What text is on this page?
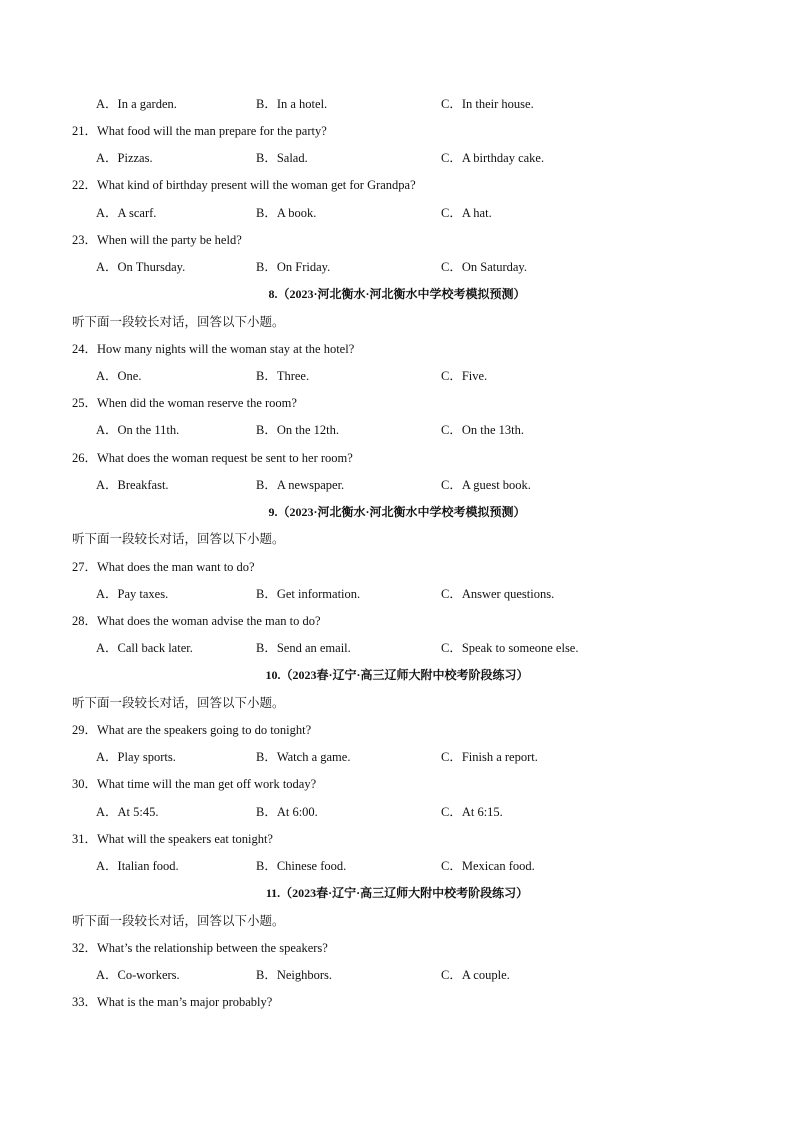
A．In a garden.	B．In a hotel.	C．In their house.
21．What food will the man prepare for the party?
A．Pizzas.	B．Salad.	C．A birthday cake.
22．What kind of birthday present will the woman get for Grandpa?
A．A scarf.	B．A book.	C．A hat.
23．When will the party be held?
A．On Thursday.	B．On Friday.	C．On Saturday.
8.（2023·河北衡水·河北衡水中学校考模拟预测）
听下面一段较长对话，回答以下小题。
24．How many nights will the woman stay at the hotel?
A．One.	B．Three.	C．Five.
25．When did the woman reserve the room?
A．On the 11th.	B．On the 12th.	C．On the 13th.
26．What does the woman request be sent to her room?
A．Breakfast.	B．A newspaper.	C．A guest book.
9.（2023·河北衡水·河北衡水中学校考模拟预测）
听下面一段较长对话，回答以下小题。
27．What does the man want to do?
A．Pay taxes.	B．Get information.	C．Answer questions.
28．What does the woman advise the man to do?
A．Call back later.	B．Send an email.	C．Speak to someone else.
10.（2023春·辽宁·高三辽师大附中校考阶段练习）
听下面一段较长对话，回答以下小题。
29．What are the speakers going to do tonight?
A．Play sports.	B．Watch a game.	C．Finish a report.
30．What time will the man get off work today?
A．At 5:45.	B．At 6:00.	C．At 6:15.
31．What will the speakers eat tonight?
A．Italian food.	B．Chinese food.	C．Mexican food.
11.（2023春·辽宁·高三辽师大附中校考阶段练习）
听下面一段较长对话，回答以下小题。
32．What’s the relationship between the speakers?
A．Co-workers.	B．Neighbors.	C．A couple.
33．What is the man’s major probably?
